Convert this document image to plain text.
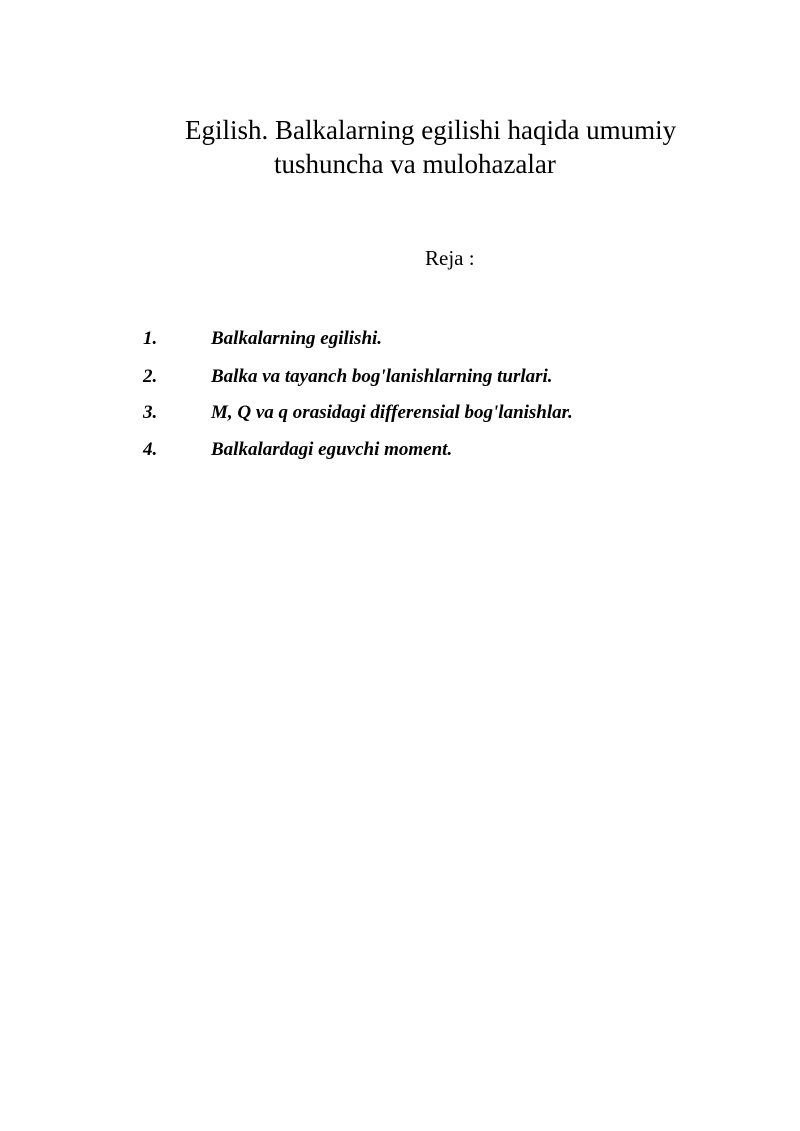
Egilish. Balkalarning egilishi haqida umumiy
tushuncha va mulohazalar
Reja :
1.	Balkalarning egilishi.
2.	Balka va tayanch bog'lanishlarning turlari.
3.	M, Q va q orasidagi differensial bog'lanishlar.
4.	Balkalardagi eguvchi moment.
